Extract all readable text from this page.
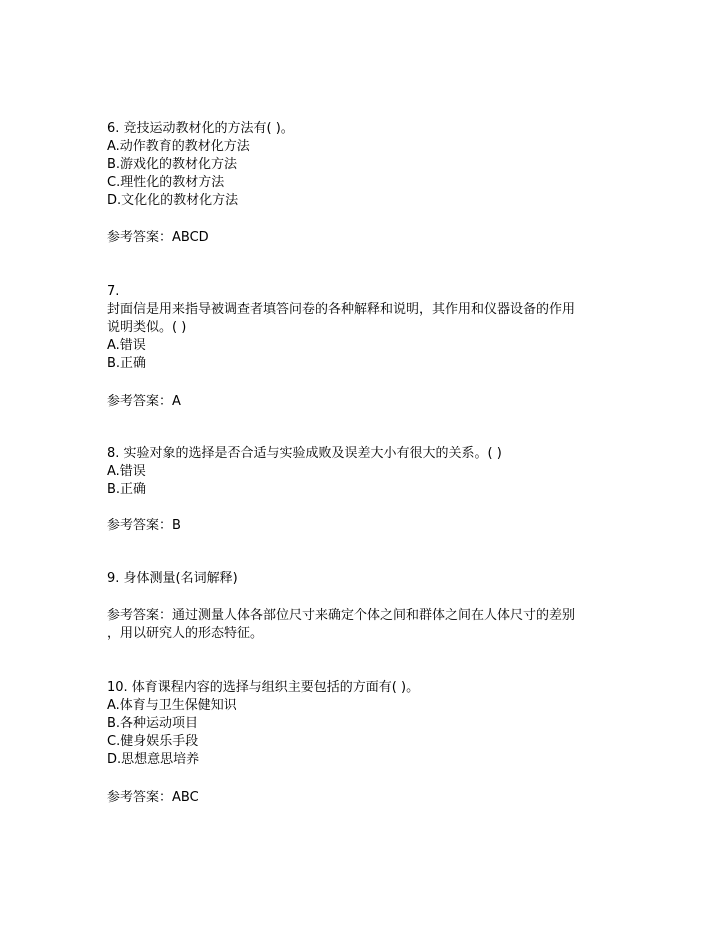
6. 竞技运动教材化的方法有( )。
A.动作教育的教材化方法
B.游戏化的教材化方法
C.理性化的教材方法
D.文化化的教材化方法
参考答案：ABCD
7.
封面信是用来指导被调查者填答问卷的各种解释和说明，其作用和仪器设备的作用
说明类似。( )
A.错误
B.正确
参考答案：A
8. 实验对象的选择是否合适与实验成败及误差大小有很大的关系。( )
A.错误
B.正确
参考答案：B
9. 身体测量(名词解释)
参考答案：通过测量人体各部位尺寸来确定个体之间和群体之间在人体尺寸的差别
，用以研究人的形态特征。
10. 体育课程内容的选择与组织主要包括的方面有( )。
A.体育与卫生保健知识
B.各种运动项目
C.健身娱乐手段
D.思想意思培养
参考答案：ABC
